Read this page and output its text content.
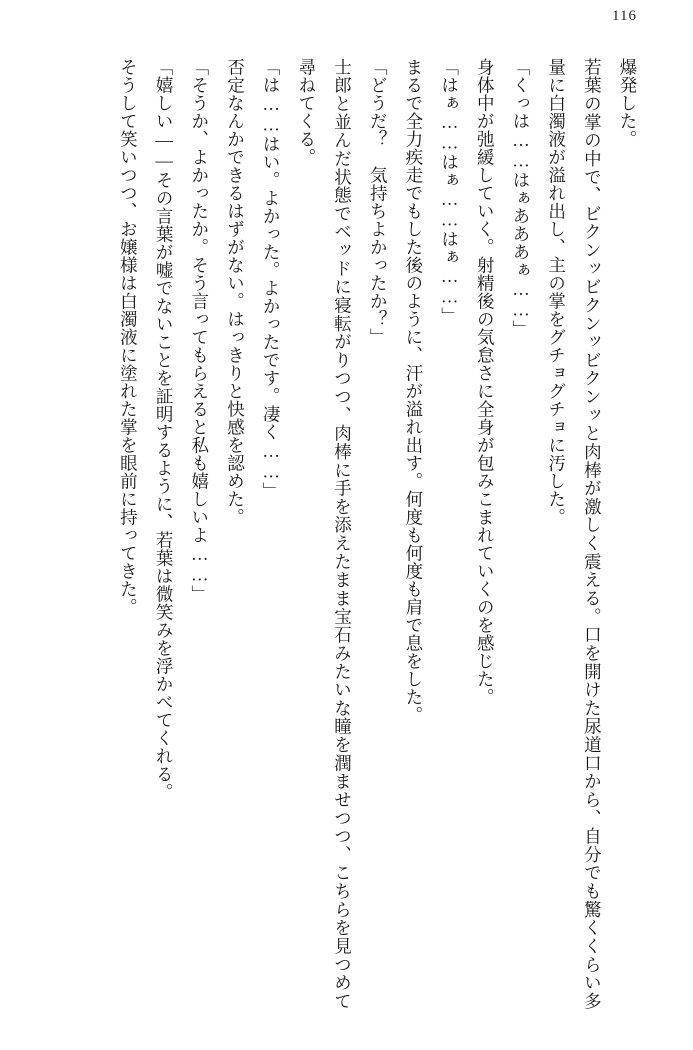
116

爆発した。

若葉の掌の中で、ビクンッビクンッビクンッと肉棒が激しく震える。口を開けた尿道口から、自分でも驚くくらい多量に白濁液が溢れ出し、主の掌をグチョグチョに汚した。

「くっは……はぁあああぁ……」

身体中が弛緩していく。射精後の気怠さに全身が包みこまれていくのを感じた。

「はぁ……はぁ……はぁ……」

まるで全力疾走でもした後のように、汗が溢れ出す。何度も何度も肩で息をした。

「どうだ？　気持ちよかったか？」

士郎と並んだ状態でベッドに寝転がりつつ、肉棒に手を添えたまま宝石みたいな瞳を潤ませつつ、こちらを見つめて尋ねてくる。

「は……はい。よかった。よかったです。凄く……」

否定なんかできるはずがない。はっきりと快感を認めた。

「そうか、よかったか。そう言ってもらえると私も嬉しいよ……」

「嬉しい――その言葉が嘘でないことを証明するように、若葉は微笑みを浮かべてくれる。

そうして笑いつつ、お嬢様は白濁液に塗れた掌を眼前に持ってきた。
